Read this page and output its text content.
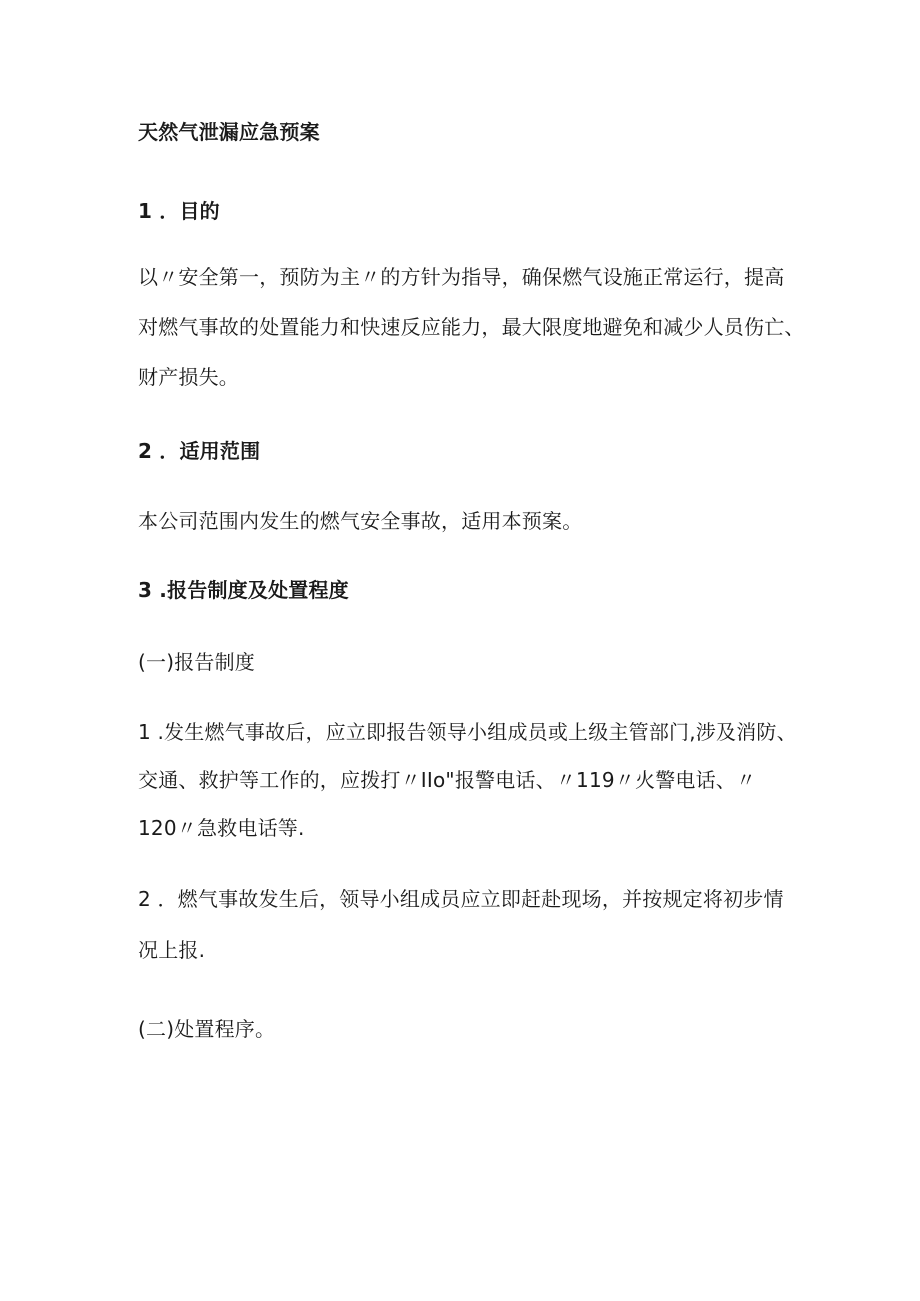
天然气泄漏应急预案
1 ．目的
以〃安全第一，预防为主〃的方针为指导，确保燃气设施正常运行，提高
对燃气事故的处置能力和快速反应能力，最大限度地避免和减少人员伤亡、
财产损失。
2 ．适用范围
本公司范围内发生的燃气安全事故，适用本预案。
3 .报告制度及处置程度
(一)报告制度
1 .发生燃气事故后，应立即报告领导小组成员或上级主管部门,涉及消防、
交通、救护等工作的，应拨打〃IIo"报警电话、〃119〃火警电话、〃
120〃急救电话等.
2 ．燃气事故发生后，领导小组成员应立即赶赴现场，并按规定将初步情
况上报.
(二)处置程序。
